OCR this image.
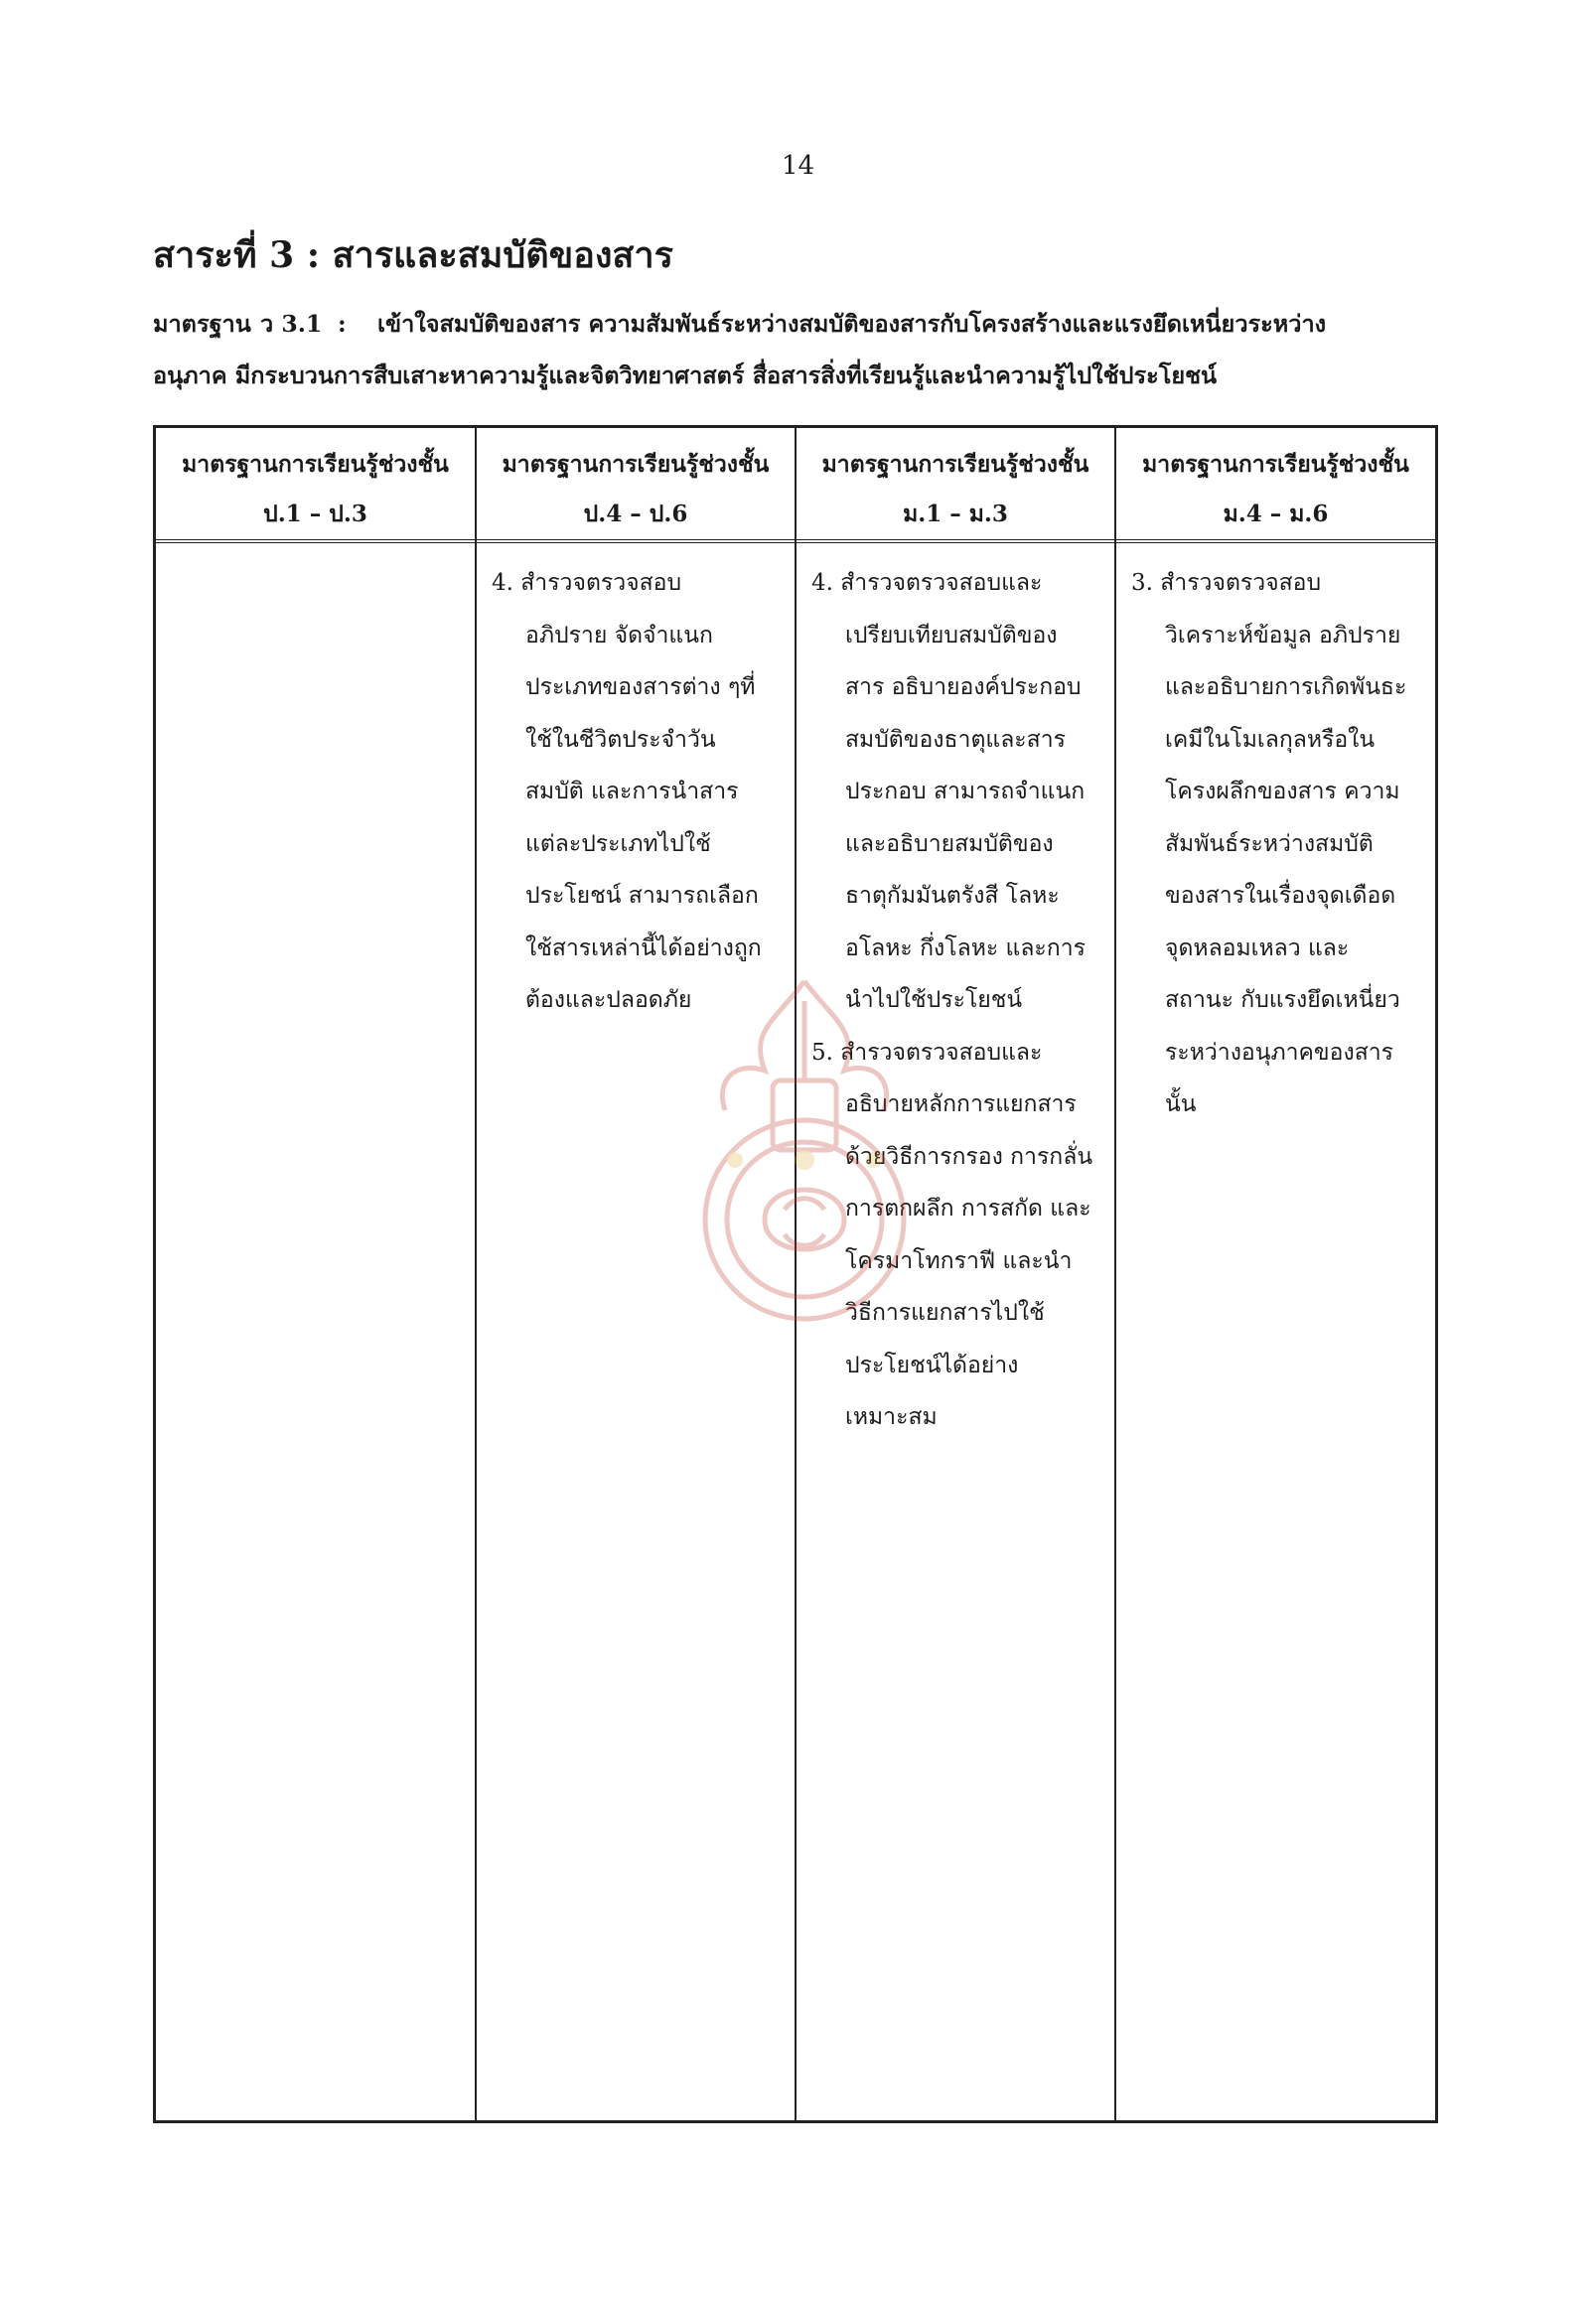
14
สาระที่ 3 : สารและสมบัติของสาร
มาตรฐาน ว 3.1 : เข้าใจสมบัติของสาร ความสัมพันธ์ระหว่างสมบัติของสารกับโครงสร้างและแรงยึดเหนี่ยวระหว่าง
อนุภาค มีกระบวนการสืบเสาะหาความรู้และจิตวิทยาศาสตร์ สื่อสารสิ่งที่เรียนรู้และนำความรู้ไปใช้ประโยชน์
มาตรฐานการเรียนรู้ช่วงชั้น
ป.1 – ป.3
มาตรฐานการเรียนรู้ช่วงชั้น
ป.4 – ป.6
มาตรฐานการเรียนรู้ช่วงชั้น
ม.1 – ม.3
มาตรฐานการเรียนรู้ช่วงชั้น
ม.4 – ม.6
4. สำรวจตรวจสอบ
อภิปราย จัดจำแนก
ประเภทของสารต่าง ๆที่
ใช้ในชีวิตประจำวัน
สมบัติ และการนำสาร
แต่ละประเภทไปใช้
ประโยชน์ สามารถเลือก
ใช้สารเหล่านี้ได้อย่างถูก
ต้องและปลอดภัย
4. สำรวจตรวจสอบและ
เปรียบเทียบสมบัติของ
สาร อธิบายองค์ประกอบ
สมบัติของธาตุและสาร
ประกอบ สามารถจำแนก
และอธิบายสมบัติของ
ธาตุกัมมันตรังสี โลหะ
อโลหะ กึ่งโลหะ และการ
นำไปใช้ประโยชน์
5. สำรวจตรวจสอบและ
อธิบายหลักการแยกสาร
ด้วยวิธีการกรอง การกลั่น
การตกผลึก การสกัด และ
โครมาโทกราฟี และนำ
วิธีการแยกสารไปใช้
ประโยชน์ได้อย่าง
เหมาะสม
3. สำรวจตรวจสอบ
วิเคราะห์ข้อมูล อภิปราย
และอธิบายการเกิดพันธะ
เคมีในโมเลกุลหรือใน
โครงผลึกของสาร ความ
สัมพันธ์ระหว่างสมบัติ
ของสารในเรื่องจุดเดือด
จุดหลอมเหลว และ
สถานะ กับแรงยึดเหนี่ยว
ระหว่างอนุภาคของสาร
นั้น
